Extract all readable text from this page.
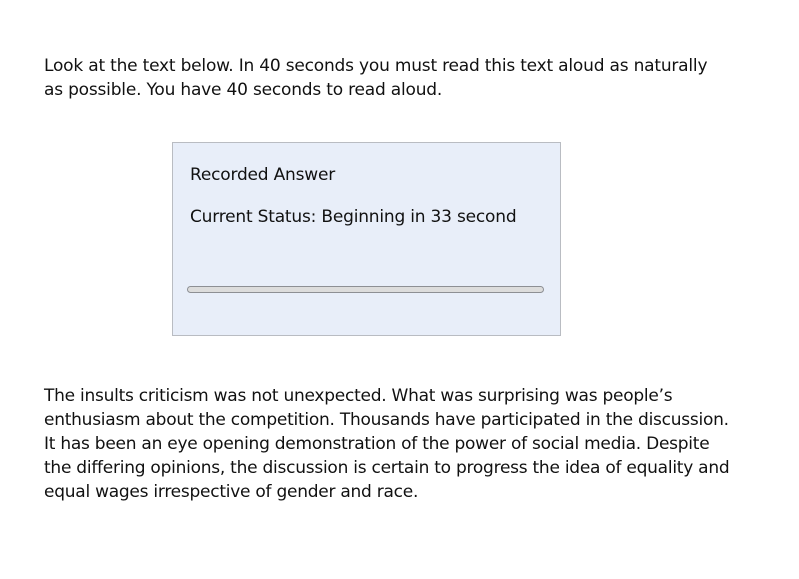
Look at the text below. In 40 seconds you must read this text aloud as naturally
as possible. You have 40 seconds to read aloud.

Recorded Answer

Current Status: Beginning in 33 second

The insults criticism was not unexpected. What was surprising was people’s
enthusiasm about the competition. Thousands have participated in the discussion.
It has been an eye opening demonstration of the power of social media. Despite
the differing opinions, the discussion is certain to progress the idea of equality and
equal wages irrespective of gender and race.
